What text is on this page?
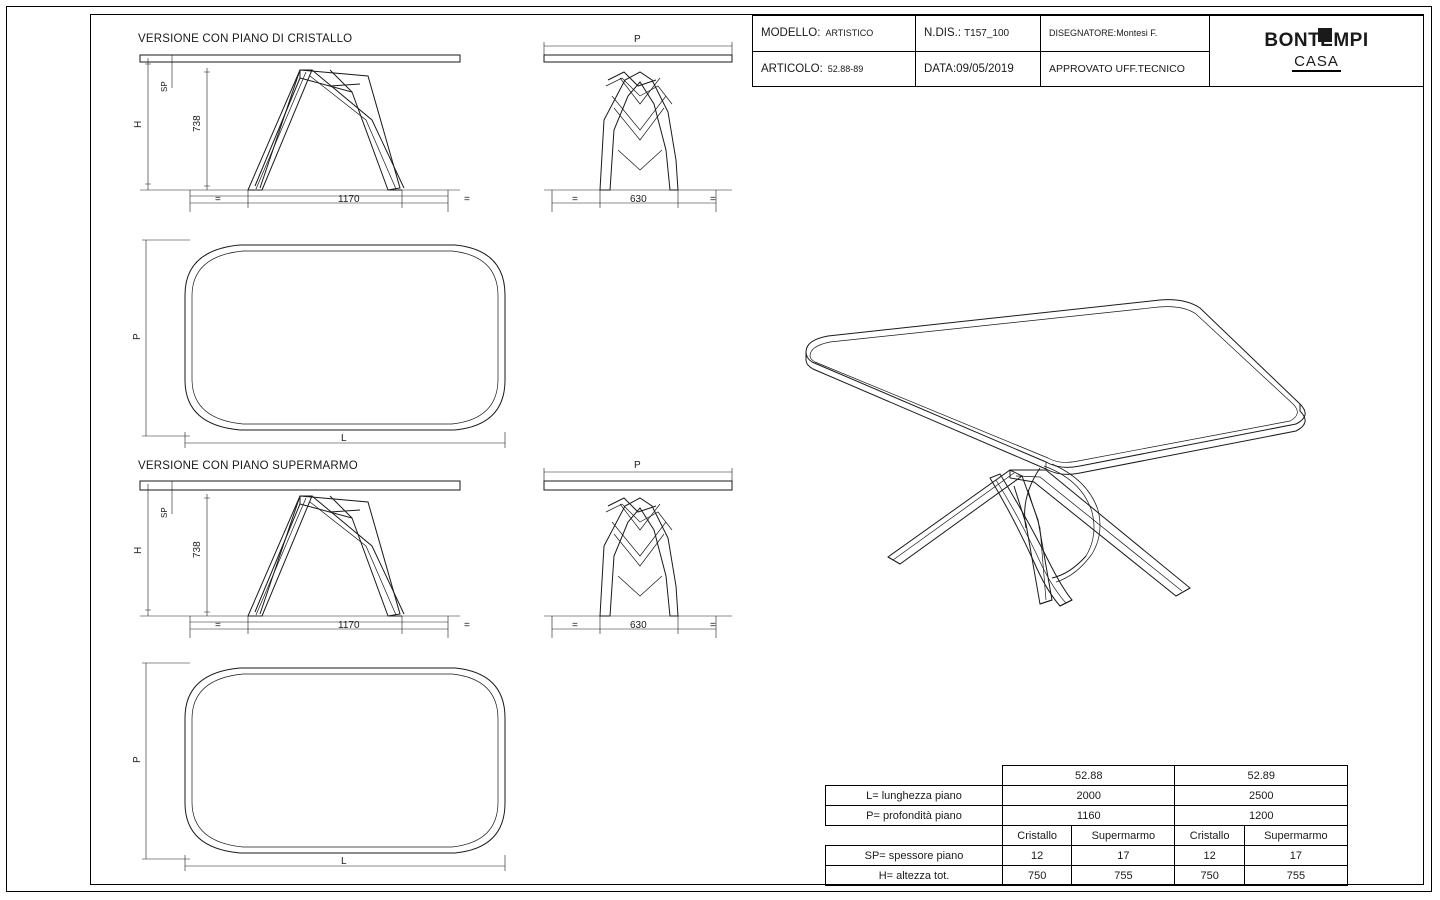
MODELLO: ARTISTICO	N.DIS.: T157_100	DISEGNATORE: Montesi F.
ARTICOLO: 52.88-89	DATA:09/05/2019	APPROVATO UFF.TECNICO
BONTEMPI
CASA
VERSIONE CON PIANO DI CRISTALLO
VERSIONE CON PIANO SUPERMARMO
H
SP
738
=	1170	=
P
=	630	=
P
L
H
SP
738
=	1170	=
P
=	630	=
P
L
	52.88		52.89	
L= lunghezza piano	2000		2500	
P= profondità piano	1160		1200	
	Cristallo	Supermarmo	Cristallo	Supermarmo
SP= spessore piano	12	17	12	17
H= altezza tot.	750	755	750	755
